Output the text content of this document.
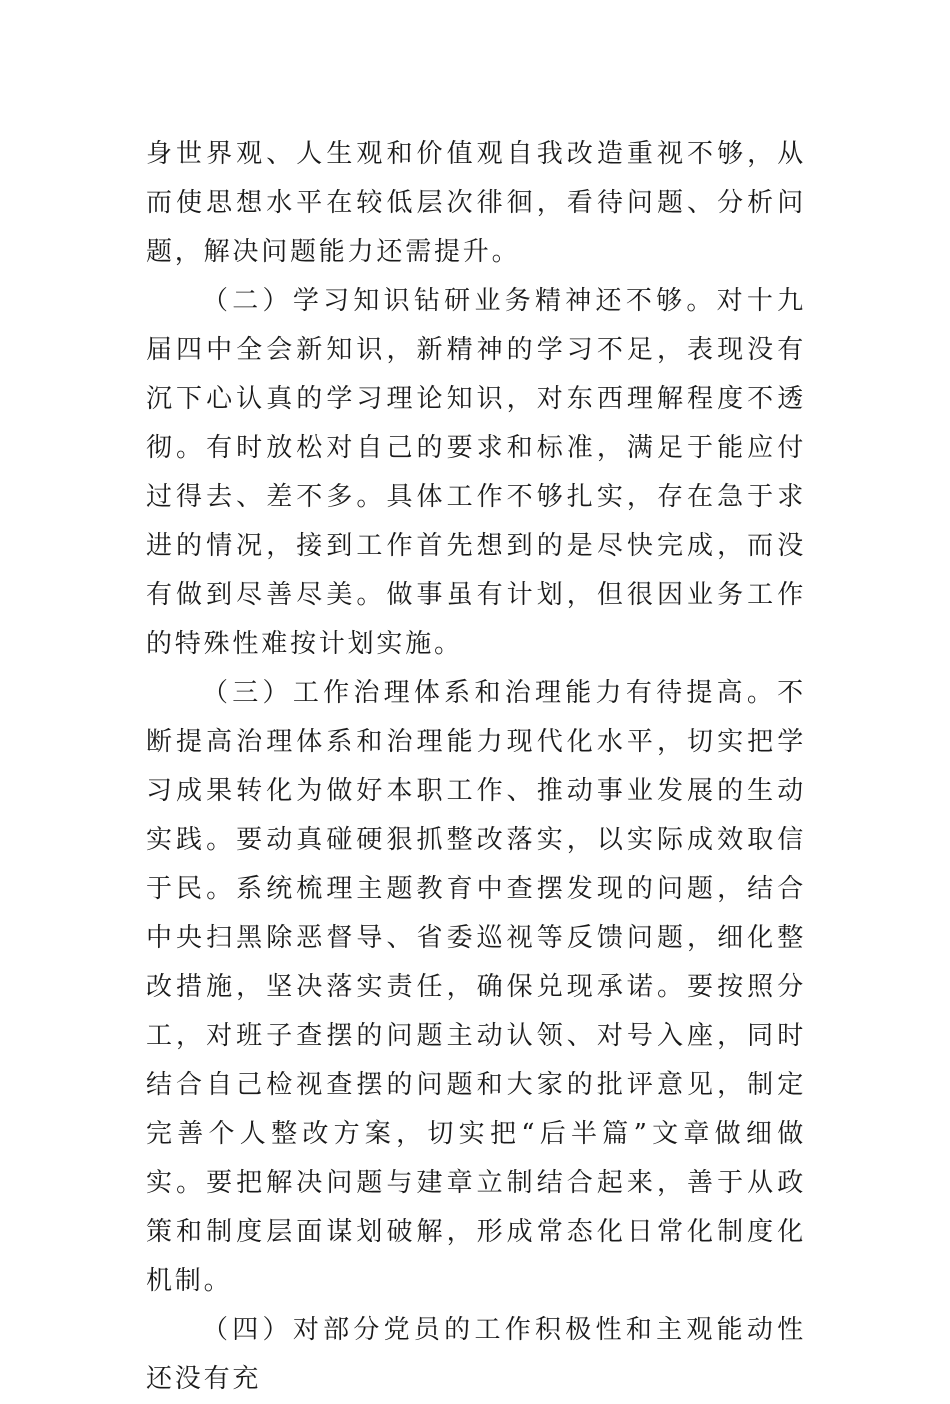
身世界观、人生观和价值观自我改造重视不够，从而使思想水平在较低层次徘徊，看待问题、分析问题，解决问题能力还需提升。

（二）学习知识钻研业务精神还不够。对十九届四中全会新知识，新精神的学习不足，表现没有沉下心认真的学习理论知识，对东西理解程度不透彻。有时放松对自己的要求和标准，满足于能应付过得去、差不多。具体工作不够扎实，存在急于求进的情况，接到工作首先想到的是尽快完成，而没有做到尽善尽美。做事虽有计划，但很因业务工作的特殊性难按计划实施。

（三）工作治理体系和治理能力有待提高。不断提高治理体系和治理能力现代化水平，切实把学习成果转化为做好本职工作、推动事业发展的生动实践。要动真碰硬狠抓整改落实，以实际成效取信于民。系统梳理主题教育中查摆发现的问题，结合中央扫黑除恶督导、省委巡视等反馈问题，细化整改措施，坚决落实责任，确保兑现承诺。要按照分工，对班子查摆的问题主动认领、对号入座，同时结合自己检视查摆的问题和大家的批评意见，制定完善个人整改方案，切实把“后半篇”文章做细做实。要把解决问题与建章立制结合起来，善于从政策和制度层面谋划破解，形成常态化日常化制度化机制。

（四）对部分党员的工作积极性和主观能动性还没有充
